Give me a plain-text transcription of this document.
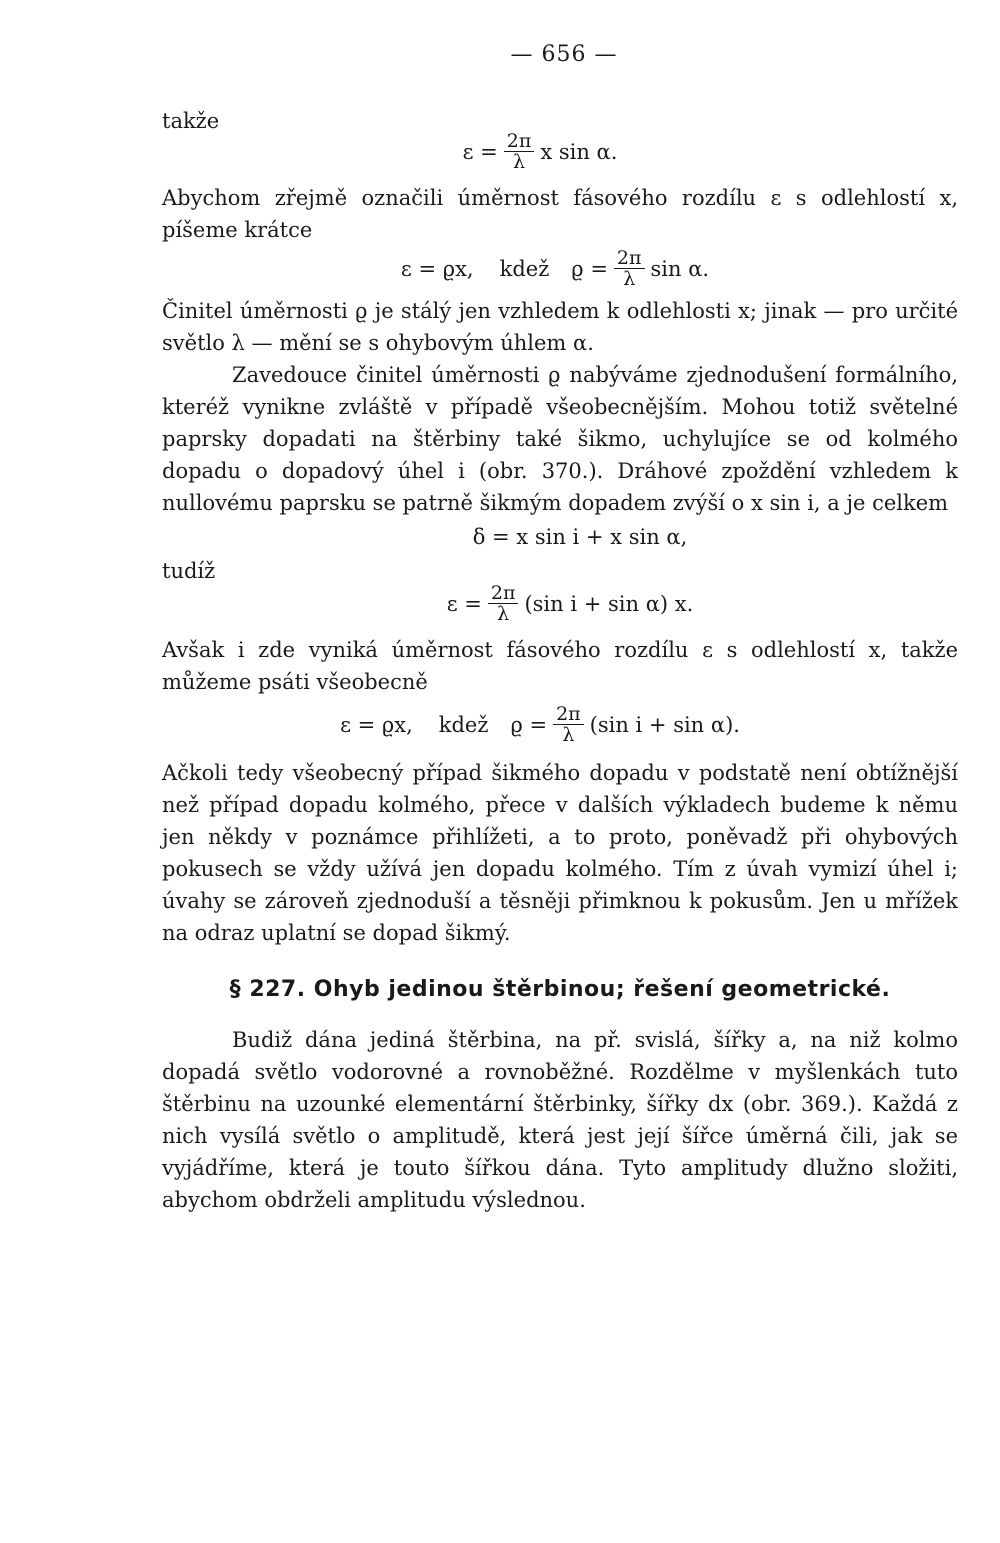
— 656 —

takže

$\varepsilon = \frac{2\pi}{\lambda}$ x sin α.

Abychom zřejmě označili úměrnost fásového rozdílu ε s odlehlostí x, píšeme krátce

ε = ϱx, kdež $ϱ = \frac{2\pi}{\lambda}$ sin α.

Činitel úměrnosti ϱ je stálý jen vzhledem k odlehlosti x; jinak — pro určité světlo λ — mění se s ohybovým úhlem α.

Zavedouce činitel úměrnosti ϱ nabýváme zjednodušení formálního, kteréž vynikne zvláště v případě všeobecnějším. Mohou totiž světelné paprsky dopadati na štěrbiny také šikmo, uchylujíce se od kolmého dopadu o dopadový úhel i (obr. 370.). Dráhové zpoždění vzhledem k nullovému paprsku se patrně šikmým dopadem zvýší o x sin i, a je celkem

δ = x sin i + x sin α,

tudíž

$\varepsilon = \frac{2\pi}{\lambda} (\sin$ i + sin α) x.

Avšak i zde vyniká úměrnost fásového rozdílu ε s odlehlostí x, takže můžeme psáti všeobecně

ε = ϱx, kdež $ϱ = \frac{2\pi}{\lambda} (\sin$ i + sin α).

Ačkoli tedy všeobecný případ šikmého dopadu v podstatě není obtížnější než případ dopadu kolmého, přece v dalších výkladech budeme k němu jen někdy v poznámce přihlížeti, a to proto, poněvadž při ohybových pokusech se vždy užívá jen dopadu kolmého. Tím z úvah vymizí úhel i; úvahy se zároveň zjednoduší a těsněji přimknou k pokusům. Jen u mřížek na odraz uplatní se dopad šikmý.

§ 227. Ohyb jedinou štěrbinou; řešení geometrické.

Budiž dána jediná štěrbina, na př. svislá, šířky a, na niž kolmo dopadá světlo vodorovné a rovnoběžné. Rozdělme v myšlenkách tuto štěrbinu na uzounké elementární štěrbinky, šířky dx (obr. 369.). Každá z nich vysílá světlo o amplitudě, která jest její šířce úměrná čili, jak se vyjádříme, která je touto šířkou dána. Tyto amplitudy dlužno složiti, abychom obdrželi amplitudu výslednou.
